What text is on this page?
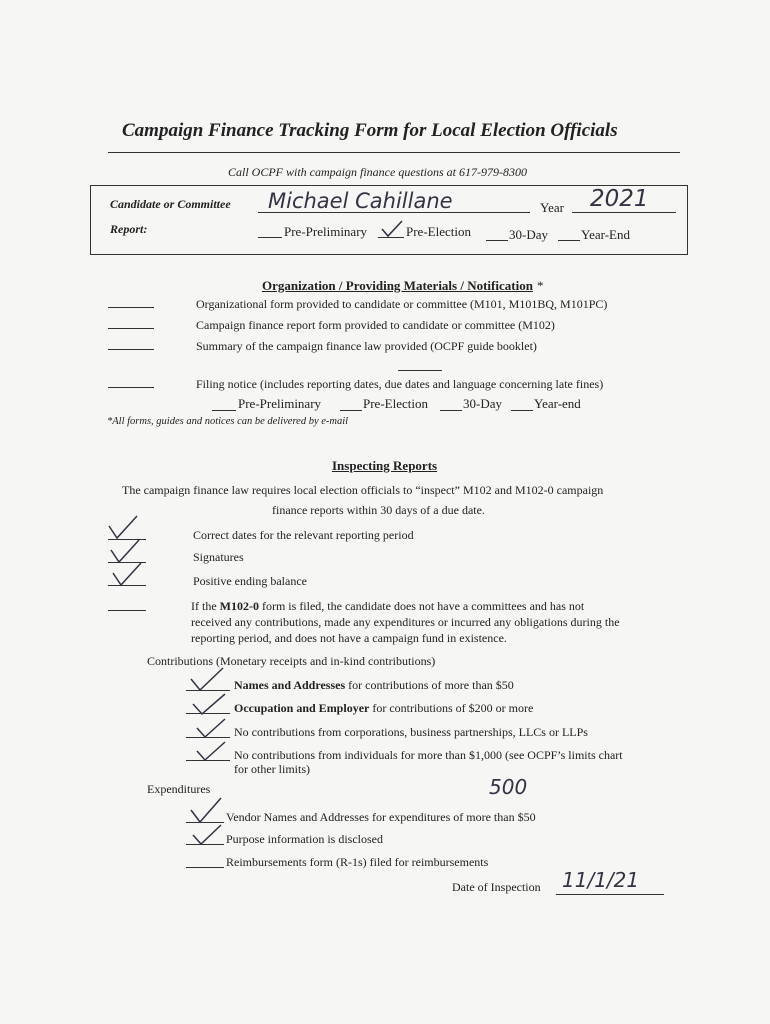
Campaign Finance Tracking Form for Local Election Officials
Call OCPF with campaign finance questions at 617-979-8300
Candidate or Committee Michael Cahillane	Year 2021
Report:	Pre-Preliminary	Pre-Election	30-Day	Year-End
Organization / Providing Materials / Notification *
Organizational form provided to candidate or committee (M101, M101BQ, M101PC)
Campaign finance report form provided to candidate or committee (M102)
Summary of the campaign finance law provided (OCPF guide booklet)
Filing notice (includes reporting dates, due dates and language concerning late fines)
Pre-Preliminary	Pre-Election	30-Day Year-end
*All forms, guides and notices can be delivered by e-mail
Inspecting Reports
The campaign finance law requires local election officials to “inspect” M102 and M102-0 campaign
finance reports within 30 days of a due date.
Correct dates for the relevant reporting period
Signatures
Positive ending balance
If the M102-0 form is filed, the candidate does not have a committees and has not
received any contributions, made any expenditures or incurred any obligations during the
reporting period, and does not have a campaign fund in existence.
Contributions (Monetary receipts and in-kind contributions)
Names and Addresses for contributions of more than $50
Occupation and Employer for contributions of $200 or more
No contributions from corporations, business partnerships, LLCs or LLPs
No contributions from individuals for more than $1,000 (see OCPF’s limits chart
for other limits)
500
Expenditures
Vendor Names and Addresses for expenditures of more than $50
Purpose information is disclosed
Reimbursements form (R-1s) filed for reimbursements
Date of Inspection 11/1/21
